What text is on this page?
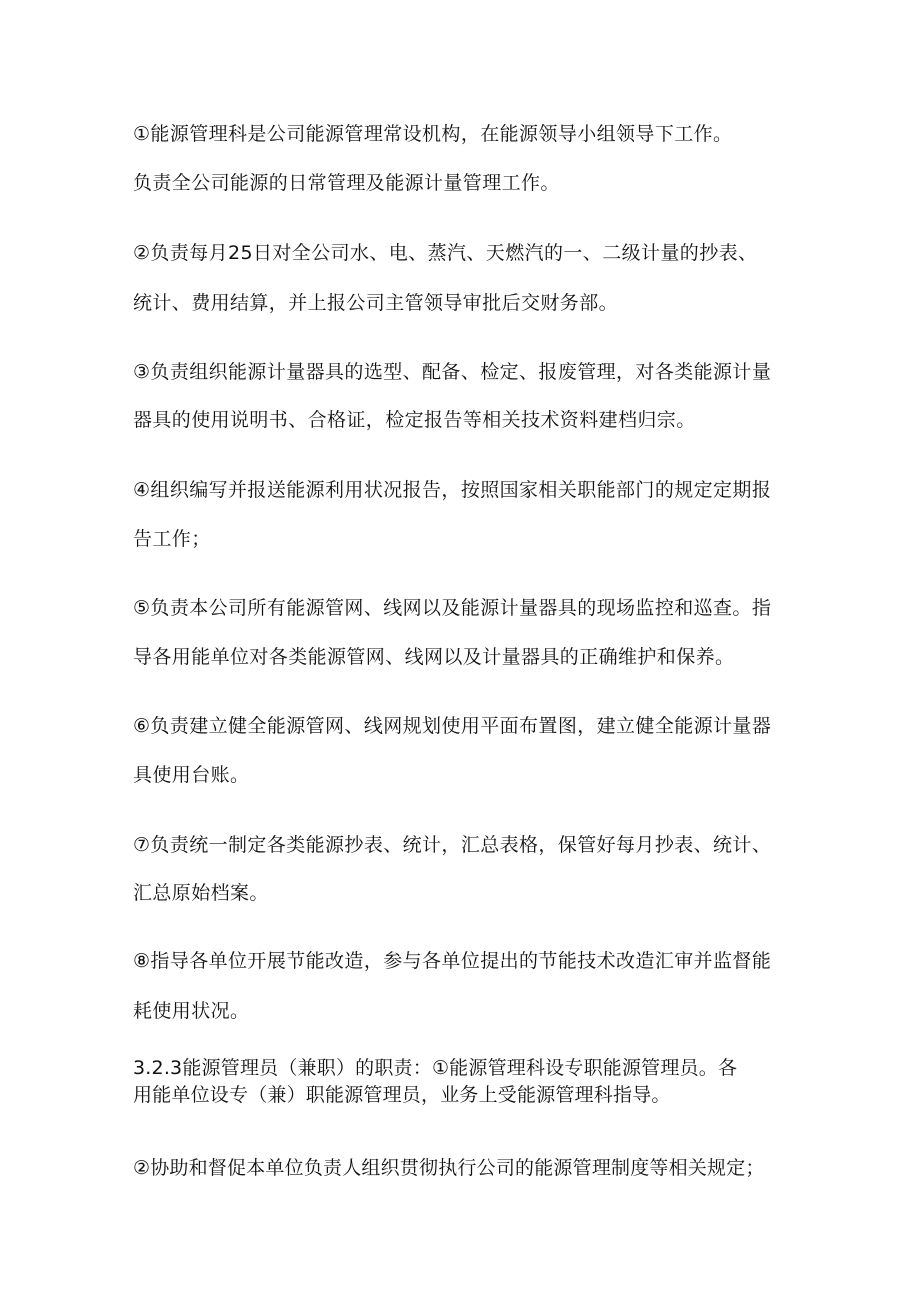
①能源管理科是公司能源管理常设机构，在能源领导小组领导下工作。
负责全公司能源的日常管理及能源计量管理工作。
②负责每月25日对全公司水、电、蒸汽、天燃汽的一、二级计量的抄表、
统计、费用结算，并上报公司主管领导审批后交财务部。
③负责组织能源计量器具的选型、配备、检定、报废管理，对各类能源计量
器具的使用说明书、合格证，检定报告等相关技术资料建档归宗。
④组织编写并报送能源利用状况报告，按照国家相关职能部门的规定定期报
告工作；
⑤负责本公司所有能源管网、线网以及能源计量器具的现场监控和巡查。指
导各用能单位对各类能源管网、线网以及计量器具的正确维护和保养。
⑥负责建立健全能源管网、线网规划使用平面布置图，建立健全能源计量器
具使用台账。
⑦负责统一制定各类能源抄表、统计，汇总表格，保管好每月抄表、统计、
汇总原始档案。
⑧指导各单位开展节能改造，参与各单位提出的节能技术改造汇审并监督能
耗使用状况。
3.2.3能源管理员（兼职）的职责：①能源管理科设专职能源管理员。各
用能单位设专（兼）职能源管理员，业务上受能源管理科指导。
②协助和督促本单位负责人组织贯彻执行公司的能源管理制度等相关规定；
